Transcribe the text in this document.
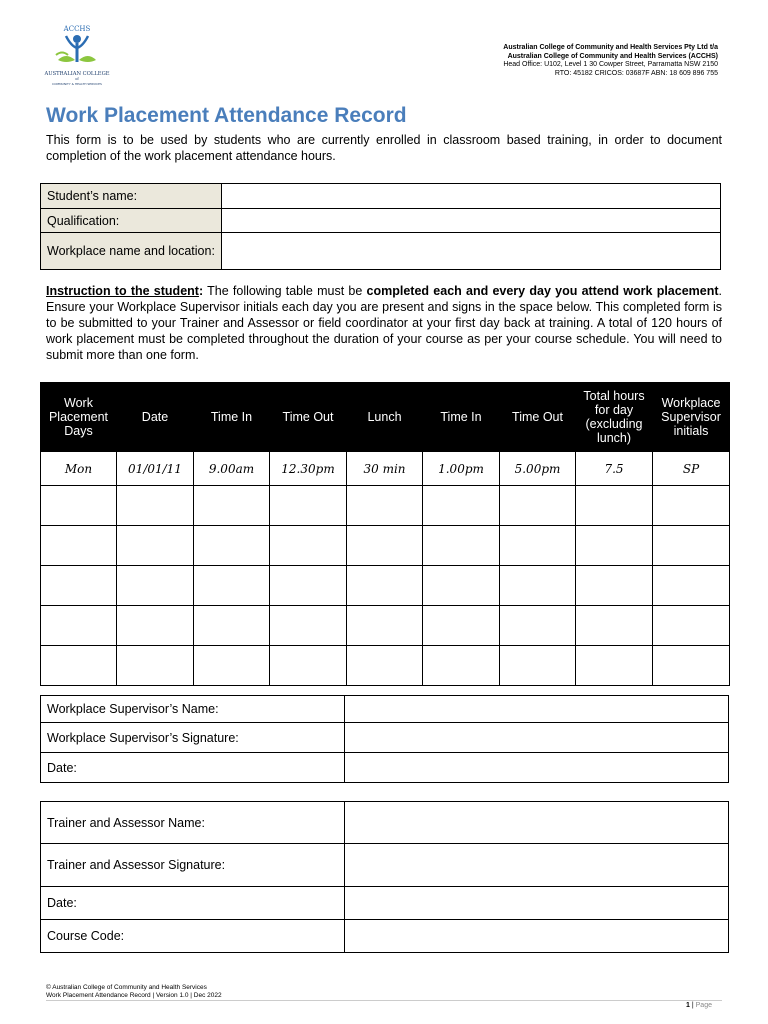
ACCHS
AUSTRALIAN COLLEGE
of
COMMUNITY & HEALTH SERVICES
Australian College of Community and Health Services Pty Ltd t/a
Australian College of Community and Health Services (ACCHS)
Head Office: U102, Level 1 30 Cowper Street, Parramatta NSW 2150
RTO: 45182 CRICOS: 03687F ABN: 18 609 896 755
Work Placement Attendance Record
This form is to be used by students who are currently enrolled in classroom based training, in order to document completion of the work placement attendance hours.
Student’s name:	
Qualification:	
Workplace name and location:	
Instruction to the student: The following table must be completed each and every day you attend work placement. Ensure your Workplace Supervisor initials each day you are present and signs in the space below. This completed form is to be submitted to your Trainer and Assessor or field coordinator at your first day back at training. A total of 120 hours of work placement must be completed throughout the duration of your course as per your course schedule. You will need to submit more than one form.
Work Placement Days	Date	Time In	Time Out	Lunch	Time In	Time Out	Total hours for day (excluding lunch)	Workplace Supervisor initials
Mon	01/01/11	9.00am	12.30pm	30 min	1.00pm	5.00pm	7.5	SP

Workplace Supervisor’s Name:	
Workplace Supervisor’s Signature:	
Date:	
Trainer and Assessor Name:	
Trainer and Assessor Signature:	
Date:	
Course Code:	
© Australian College of Community and Health Services
Work Placement Attendance Record | Version 1.0 | Dec 2022
1 | Page
